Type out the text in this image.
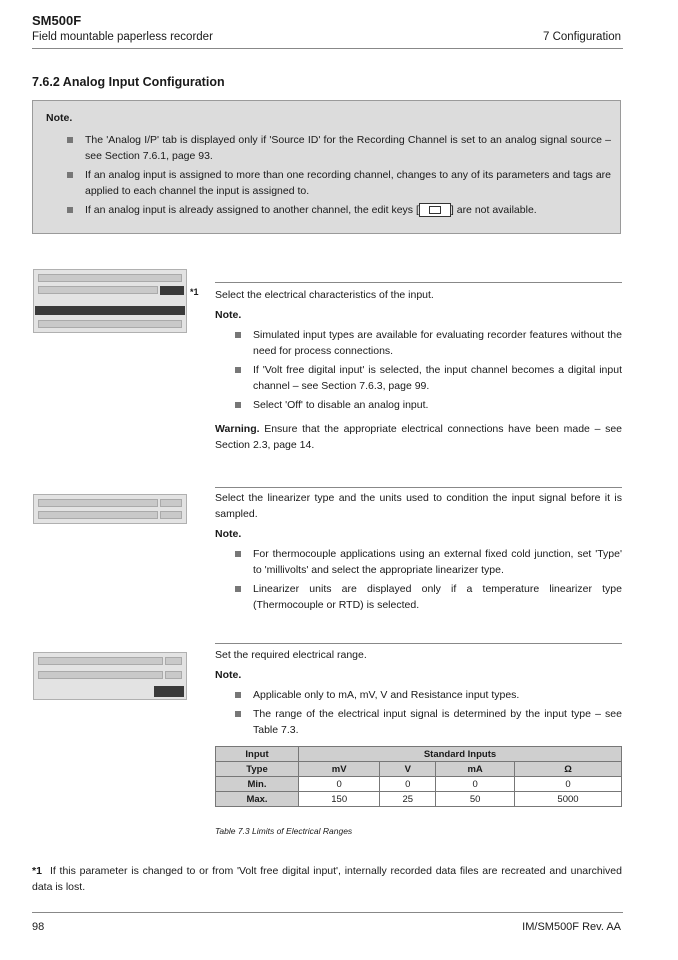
SM500F
Field mountable paperless recorder	7 Configuration
7.6.2 Analog Input Configuration
Note.
The 'Analog I/P' tab is displayed only if 'Source ID' for the Recording Channel is set to an analog signal source – see Section 7.6.1, page 93.
If an analog input is assigned to more than one recording channel, changes to any of its parameters and tags are applied to each channel the input is assigned to.
If an analog input is already assigned to another channel, the edit keys [	] are not available.
*1 Select the electrical characteristics of the input.

Note.

Simulated input types are available for evaluating recorder features without the need for process connections.
If 'Volt free digital input' is selected, the input channel becomes a digital input channel – see Section 7.6.3, page 99.
Select 'Off' to disable an analog input.

Warning. Ensure that the appropriate electrical connections have been made – see Section 2.3, page 14.

Select the linearizer type and the units used to condition the input signal before it is sampled.

Note.

For thermocouple applications using an external fixed cold junction, set 'Type' to 'millivolts' and select the appropriate linearizer type.
Linearizer units are displayed only if a temperature linearizer type (Thermocouple or RTD) is selected.

Set the required electrical range.

Note.

Applicable only to mA, mV, V and Resistance input types.
The range of the electrical input signal is determined by the input type – see Table 7.3.
Input	Standard Inputs			
Type	mV	V	mA	Ω
Min.	0	0	0	0
Max.	150	25	50	5000
Table 7.3 Limits of Electrical Ranges
*1 If this parameter is changed to or from 'Volt free digital input', internally recorded data files are recreated and unarchived data is lost.
98	IM/SM500F Rev. AA
